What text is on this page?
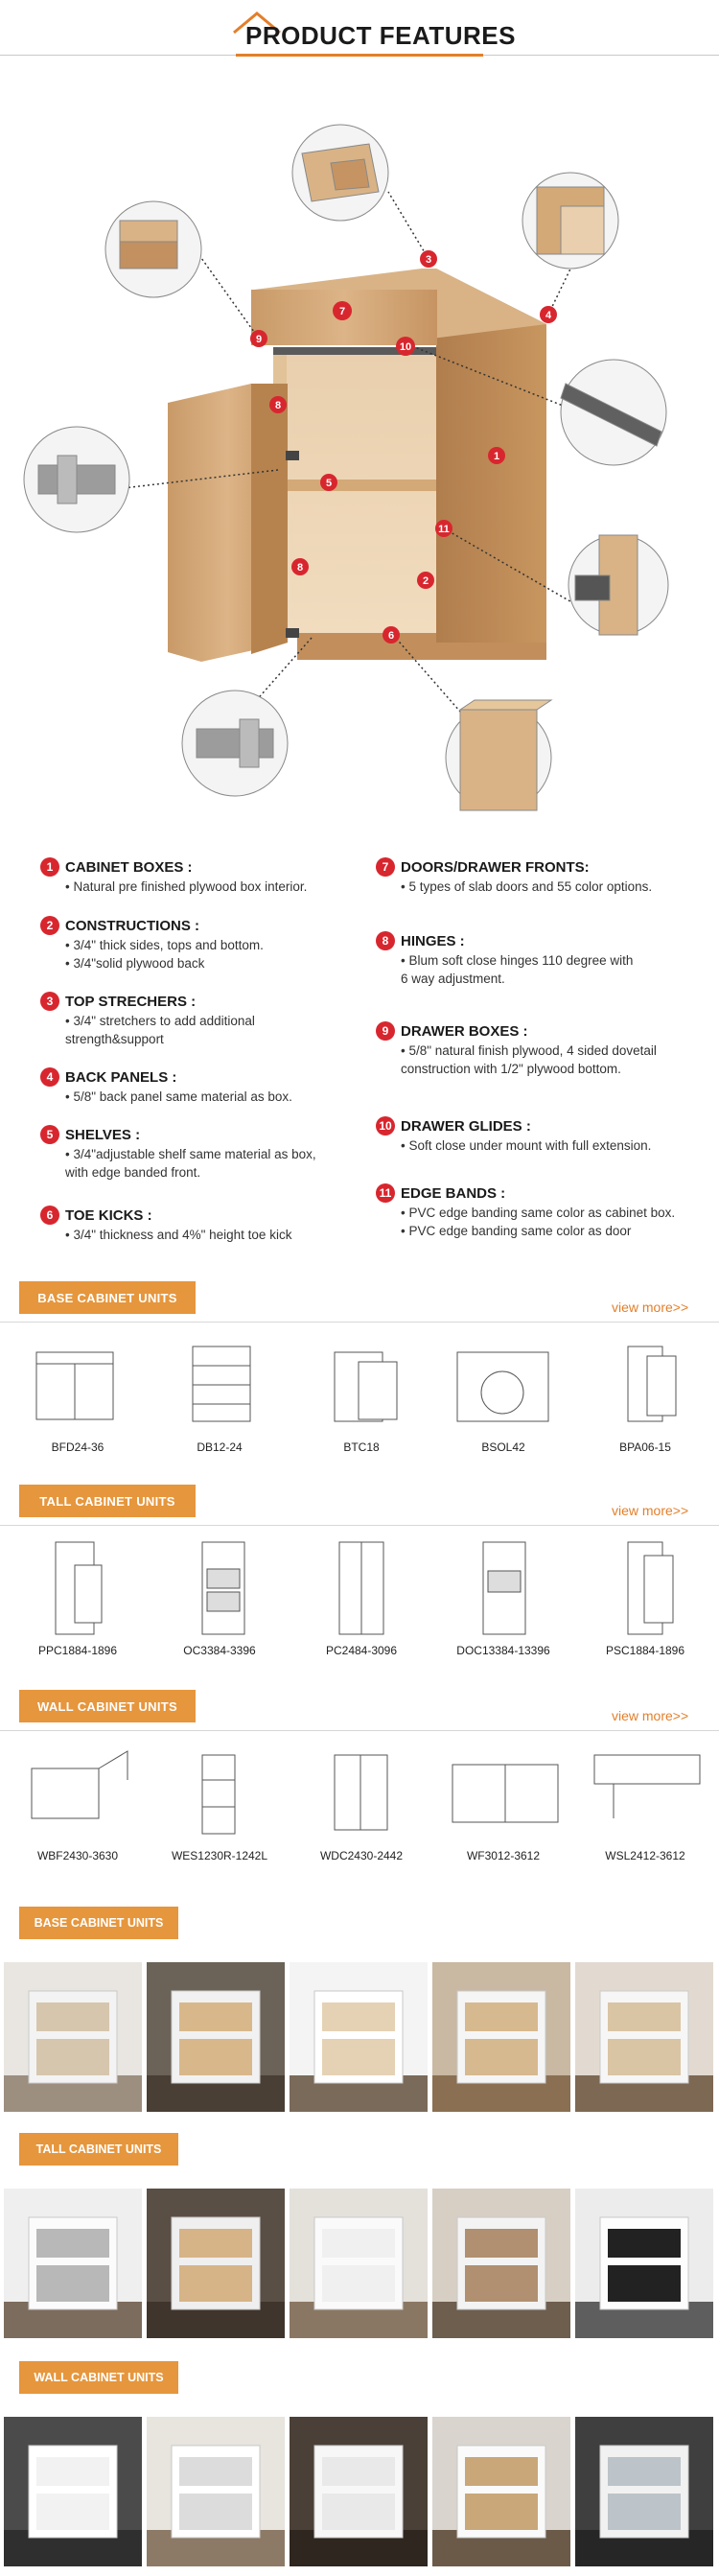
PRODUCT FEATURES
7
3
4
9
10
8
5
1
11
2
8
6
1 CABINET BOXES :
• Natural pre finished plywood box interior.
2 CONSTRUCTIONS :
• 3/4" thick sides, tops and bottom.
• 3/4"solid plywood back
3 TOP STRECHERS :
• 3/4" stretchers to add additional
strength&support
4 BACK PANELS :
• 5/8" back panel same material as box.
5 SHELVES :
• 3/4"adjustable shelf same material as box,
with edge banded front.
6 TOE KICKS :
• 3/4" thickness and 4%" height toe kick
7 DOORS/DRAWER FRONTS:
• 5 types of slab doors and 55 color options.
8 HINGES :
• Blum soft close hinges 110 degree with
6 way adjustment.
9 DRAWER BOXES :
• 5/8" natural finish plywood, 4 sided dovetail
construction with 1/2" plywood bottom.
10 DRAWER GLIDES :
• Soft close under mount with full extension.
11 EDGE BANDS :
• PVC edge banding same color as cabinet box.
• PVC edge banding same color as door
BASE CABINET UNITS
view more>>
BFD24-36	DB12-24	BTC18	BSOL42	BPA06-15
TALL CABINET UNITS
view more>>
PPC1884-1896	OC3384-3396	PC2484-3096	DOC13384-13396	PSC1884-1896
WALL CABINET UNITS
view more>>
WBF2430-3630	WES1230R-1242L	WDC2430-2442	WF3012-3612	WSL2412-3612
BASE CABINET UNITS
TALL CABINET UNITS
WALL CABINET UNITS
